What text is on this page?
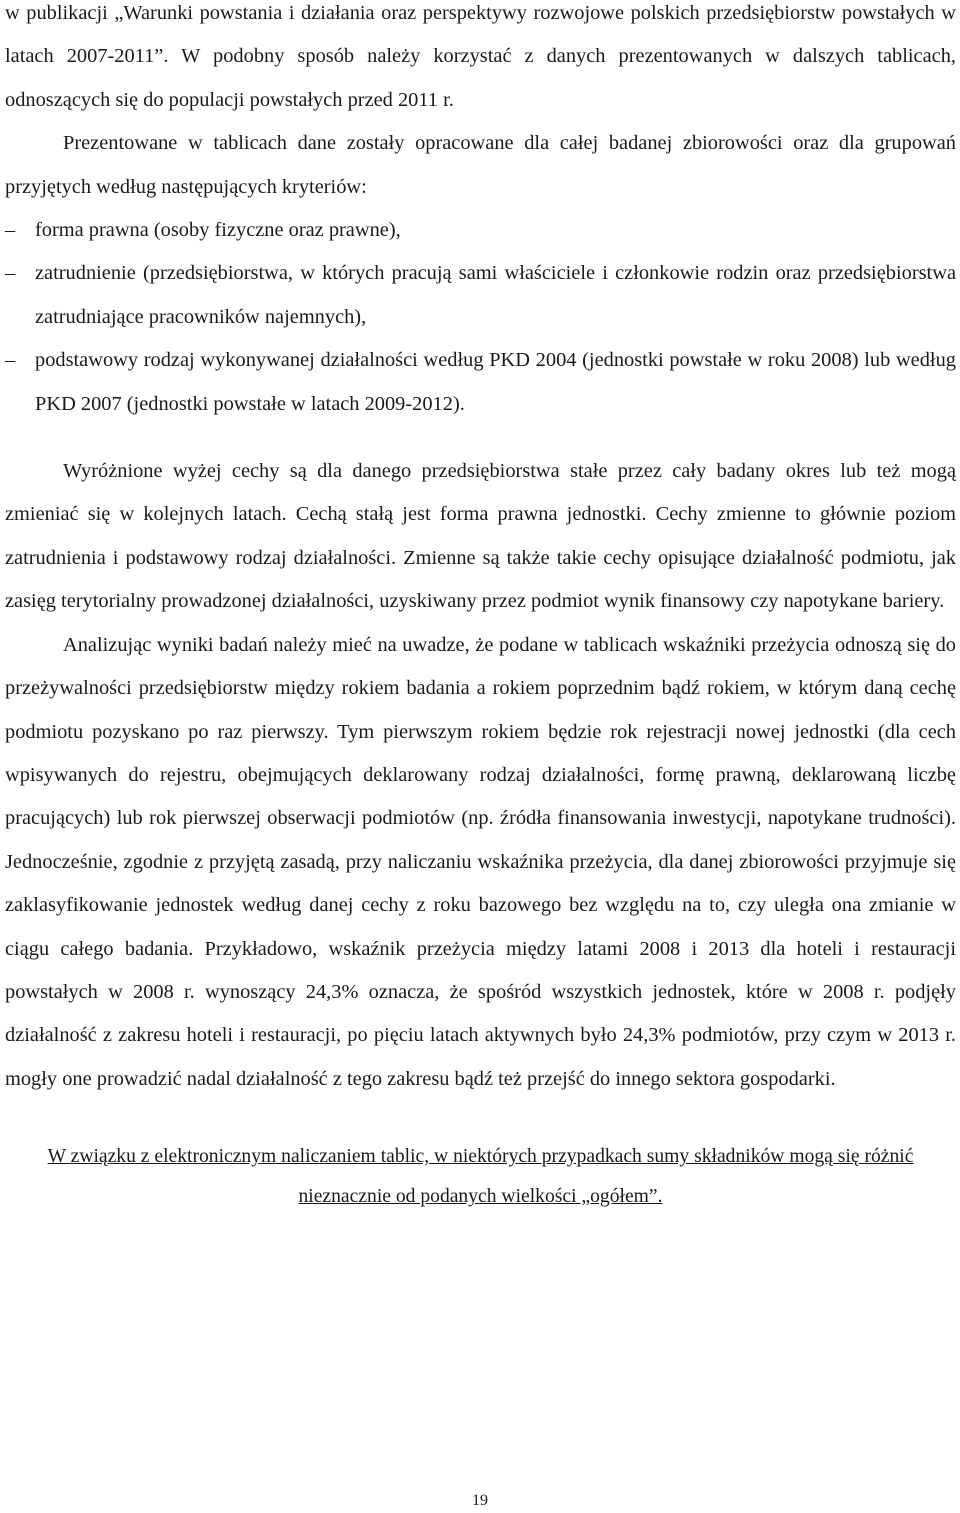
w publikacji „Warunki powstania i działania oraz perspektywy rozwojowe polskich przedsiębiorstw powstałych w latach 2007-2011”. W podobny sposób należy korzystać z danych prezentowanych w dalszych tablicach, odnoszących się do populacji powstałych przed 2011 r.

Prezentowane w tablicach dane zostały opracowane dla całej badanej zbiorowości oraz dla grupowań przyjętych według następujących kryteriów:

– forma prawna (osoby fizyczne oraz prawne),
– zatrudnienie (przedsiębiorstwa, w których pracują sami właściciele i członkowie rodzin oraz przedsiębiorstwa zatrudniające pracowników najemnych),
– podstawowy rodzaj wykonywanej działalności według PKD 2004 (jednostki powstałe w roku 2008) lub według PKD 2007 (jednostki powstałe w latach 2009-2012).

Wyróżnione wyżej cechy są dla danego przedsiębiorstwa stałe przez cały badany okres lub też mogą zmieniać się w kolejnych latach. Cechą stałą jest forma prawna jednostki. Cechy zmienne to głównie poziom zatrudnienia i podstawowy rodzaj działalności. Zmienne są także takie cechy opisujące działalność podmiotu, jak zasięg terytorialny prowadzonej działalności, uzyskiwany przez podmiot wynik finansowy czy napotykane bariery.

Analizując wyniki badań należy mieć na uwadze, że podane w tablicach wskaźniki przeżycia odnoszą się do przeżywalności przedsiębiorstw między rokiem badania a rokiem poprzednim bądź rokiem, w którym daną cechę podmiotu pozyskano po raz pierwszy. Tym pierwszym rokiem będzie rok rejestracji nowej jednostki (dla cech wpisywanych do rejestru, obejmujących deklarowany rodzaj działalności, formę prawną, deklarowaną liczbę pracujących) lub rok pierwszej obserwacji podmiotów (np. źródła finansowania inwestycji, napotykane trudności). Jednocześnie, zgodnie z przyjętą zasadą, przy naliczaniu wskaźnika przeżycia, dla danej zbiorowości przyjmuje się zaklasyfikowanie jednostek według danej cechy z roku bazowego bez względu na to, czy uległa ona zmianie w ciągu całego badania. Przykładowo, wskaźnik przeżycia między latami 2008 i 2013 dla hoteli i restauracji powstałych w 2008 r. wynoszący 24,3% oznacza, że spośród wszystkich jednostek, które w 2008 r. podjęły działalność z zakresu hoteli i restauracji, po pięciu latach aktywnych było 24,3% podmiotów, przy czym w 2013 r. mogły one prowadzić nadal działalność z tego zakresu bądź też przejść do innego sektora gospodarki.

W związku z elektronicznym naliczaniem tablic, w niektórych przypadkach sumy składników mogą się różnić nieznacznie od podanych wielkości „ogółem”.

19
